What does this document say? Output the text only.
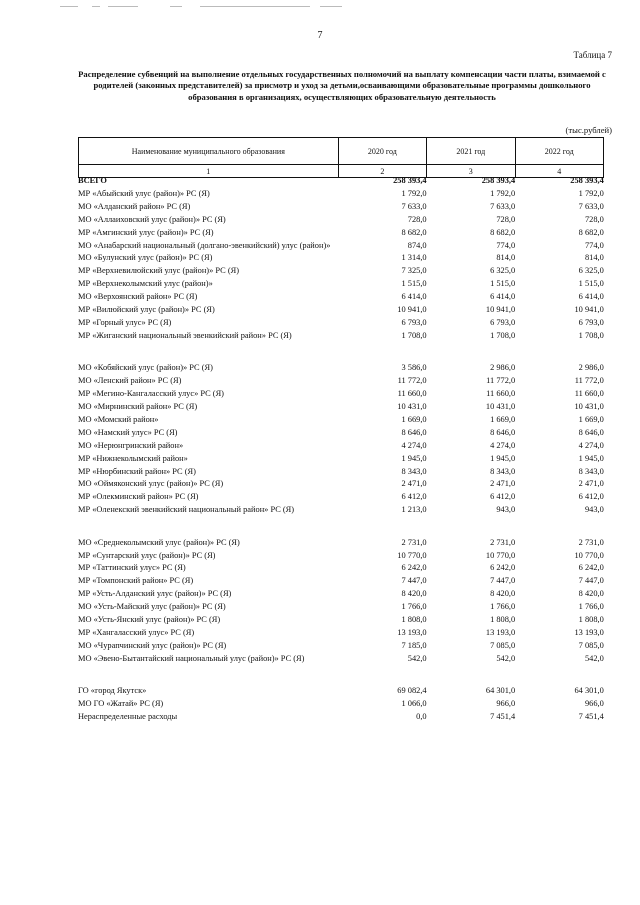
7
Таблица 7
Распределение субвенций на выполнение отдельных государственных полномочий на выплату компенсации части платы, взимаемой с родителей (законных представителей) за присмотр и уход за детьми,осваивающими образовательные программы дошкольного образования в организациях, осуществляющих образовательную деятельность
(тыс.рублей)
Наименование муниципального образования	2020 год	2021 год	2022 год
1	2	3	4
ВСЕГО	258 393,4	258 393,4	258 393,4
МР «Абыйский улус (район)» РС (Я)	1 792,0	1 792,0	1 792,0
МО «Алданский район» РС (Я)	7 633,0	7 633,0	7 633,0
МО «Аллаиховский улус (район)» РС (Я)	728,0	728,0	728,0
МР «Амгинский улус (район)» РС (Я)	8 682,0	8 682,0	8 682,0
МО «Анабарский национальный (долгано-эвенкийский) улус (район)»	874,0	774,0	774,0
МО «Булунский улус (район)» РС (Я)	1 314,0	814,0	814,0
МР «Верхневилюйский улус (район)» РС (Я)	7 325,0	6 325,0	6 325,0
МР «Верхнеколымский улус (район)»	1 515,0	1 515,0	1 515,0
МО «Верхоянский район» РС (Я)	6 414,0	6 414,0	6 414,0
МР «Вилюйский улус (район)» РС (Я)	10 941,0	10 941,0	10 941,0
МР «Горный улус» РС (Я)	6 793,0	6 793,0	6 793,0
МР «Жиганский национальный эвенкийский район» РС (Я)	1 708,0	1 708,0	1 708,0
МО «Кобяйский улус (район)» РС (Я)	3 586,0	2 986,0	2 986,0
МО «Ленский район» РС (Я)	11 772,0	11 772,0	11 772,0
МР «Мегино-Кангаласский улус» РС (Я)	11 660,0	11 660,0	11 660,0
МО «Мирнинский район» РС (Я)	10 431,0	10 431,0	10 431,0
МО «Момский район»	1 669,0	1 669,0	1 669,0
МО «Намский улус» РС (Я)	8 646,0	8 646,0	8 646,0
МО «Нерюнгринский район»	4 274,0	4 274,0	4 274,0
МР «Нижнеколымский район»	1 945,0	1 945,0	1 945,0
МР «Нюрбинский район» РС (Я)	8 343,0	8 343,0	8 343,0
МО «Оймяконский улус (район)» РС (Я)	2 471,0	2 471,0	2 471,0
МР «Олекминский район» РС (Я)	6 412,0	6 412,0	6 412,0
МР «Оленекский эвенкийский национальный район» РС (Я)	1 213,0	943,0	943,0
МО «Среднеколымский улус (район)» РС (Я)	2 731,0	2 731,0	2 731,0
МР «Сунтарский улус (район)» РС (Я)	10 770,0	10 770,0	10 770,0
МР «Таттинский улус» РС (Я)	6 242,0	6 242,0	6 242,0
МР «Томпонский район» РС (Я)	7 447,0	7 447,0	7 447,0
МР «Усть-Алданский улус (район)» РС (Я)	8 420,0	8 420,0	8 420,0
МО «Усть-Майский улус (район)» РС (Я)	1 766,0	1 766,0	1 766,0
МО «Усть-Янский улус (район)» РС (Я)	1 808,0	1 808,0	1 808,0
МР «Хангаласский улус» РС (Я)	13 193,0	13 193,0	13 193,0
МО «Чурапчинский улус (район)» РС (Я)	7 185,0	7 085,0	7 085,0
МО «Эвено-Бытантайский национальный улус (район)» РС (Я)	542,0	542,0	542,0
ГО «город Якутск»	69 082,4	64 301,0	64 301,0
МО ГО «Жатай» РС (Я)	1 066,0	966,0	966,0
Нераспределенные расходы	0,0	7 451,4	7 451,4
